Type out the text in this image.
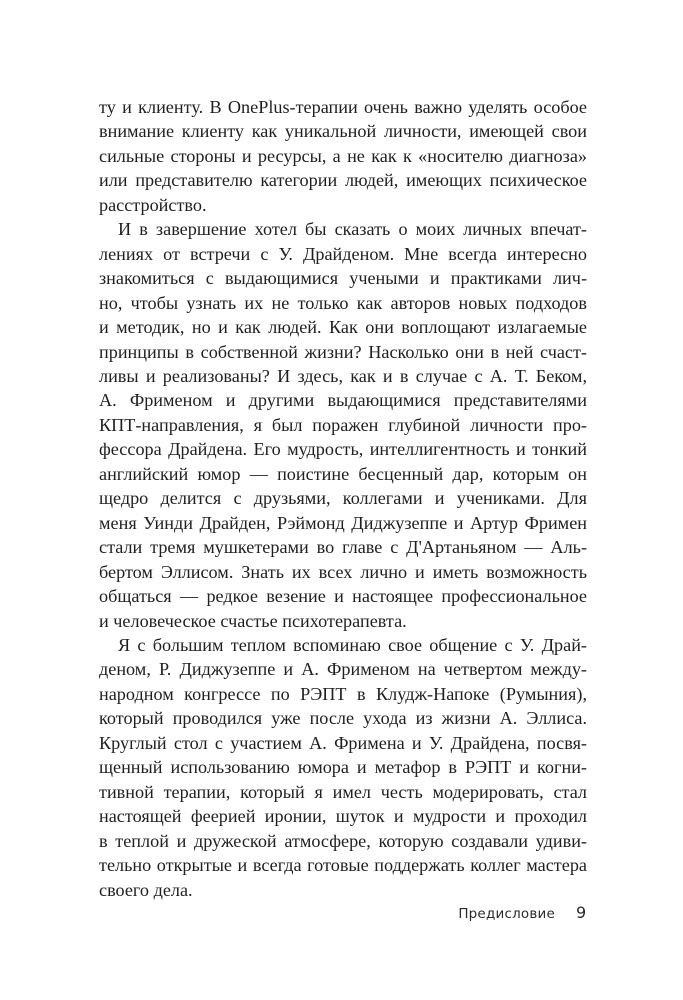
ту и клиенту. В OnePlus-терапии очень важно уделять особое
внимание клиенту как уникальной личности, имеющей свои
сильные стороны и ресурсы, а не как к «носителю диагноза»
или представителю категории людей, имеющих психическое
расстройство.
И в завершение хотел бы сказать о моих личных впечат-
лениях от встречи с У. Драйденом. Мне всегда интересно
знакомиться с выдающимися учеными и практиками лич-
но, чтобы узнать их не только как авторов новых подходов
и методик, но и как людей. Как они воплощают излагаемые
принципы в собственной жизни? Насколько они в ней счаст-
ливы и реализованы? И здесь, как и в случае с А. Т. Беком,
А. Фрименом и другими выдающимися представителями
КПТ-направления, я был поражен глубиной личности про-
фессора Драйдена. Его мудрость, интеллигентность и тонкий
английский юмор — поистине бесценный дар, которым он
щедро делится с друзьями, коллегами и учениками. Для
меня Уинди Драйден, Рэймонд Диджузеппе и Артур Фримен
стали тремя мушкетерами во главе с Д'Артаньяном — Аль-
бертом Эллисом. Знать их всех лично и иметь возможность
общаться — редкое везение и настоящее профессиональное
и человеческое счастье психотерапевта.
Я с большим теплом вспоминаю свое общение с У. Драй-
деном, Р. Диджузеппе и А. Фрименом на четвертом между-
народном конгрессе по РЭПТ в Клудж-Напоке (Румыния),
который проводился уже после ухода из жизни А. Эллиса.
Круглый стол с участием А. Фримена и У. Драйдена, посвя-
щенный использованию юмора и метафор в РЭПТ и когни-
тивной терапии, который я имел честь модерировать, стал
настоящей феерией иронии, шуток и мудрости и проходил
в теплой и дружеской атмосфере, которую создавали удиви-
тельно открытые и всегда готовые поддержать коллег мастера
своего дела.
Предисловие 9
